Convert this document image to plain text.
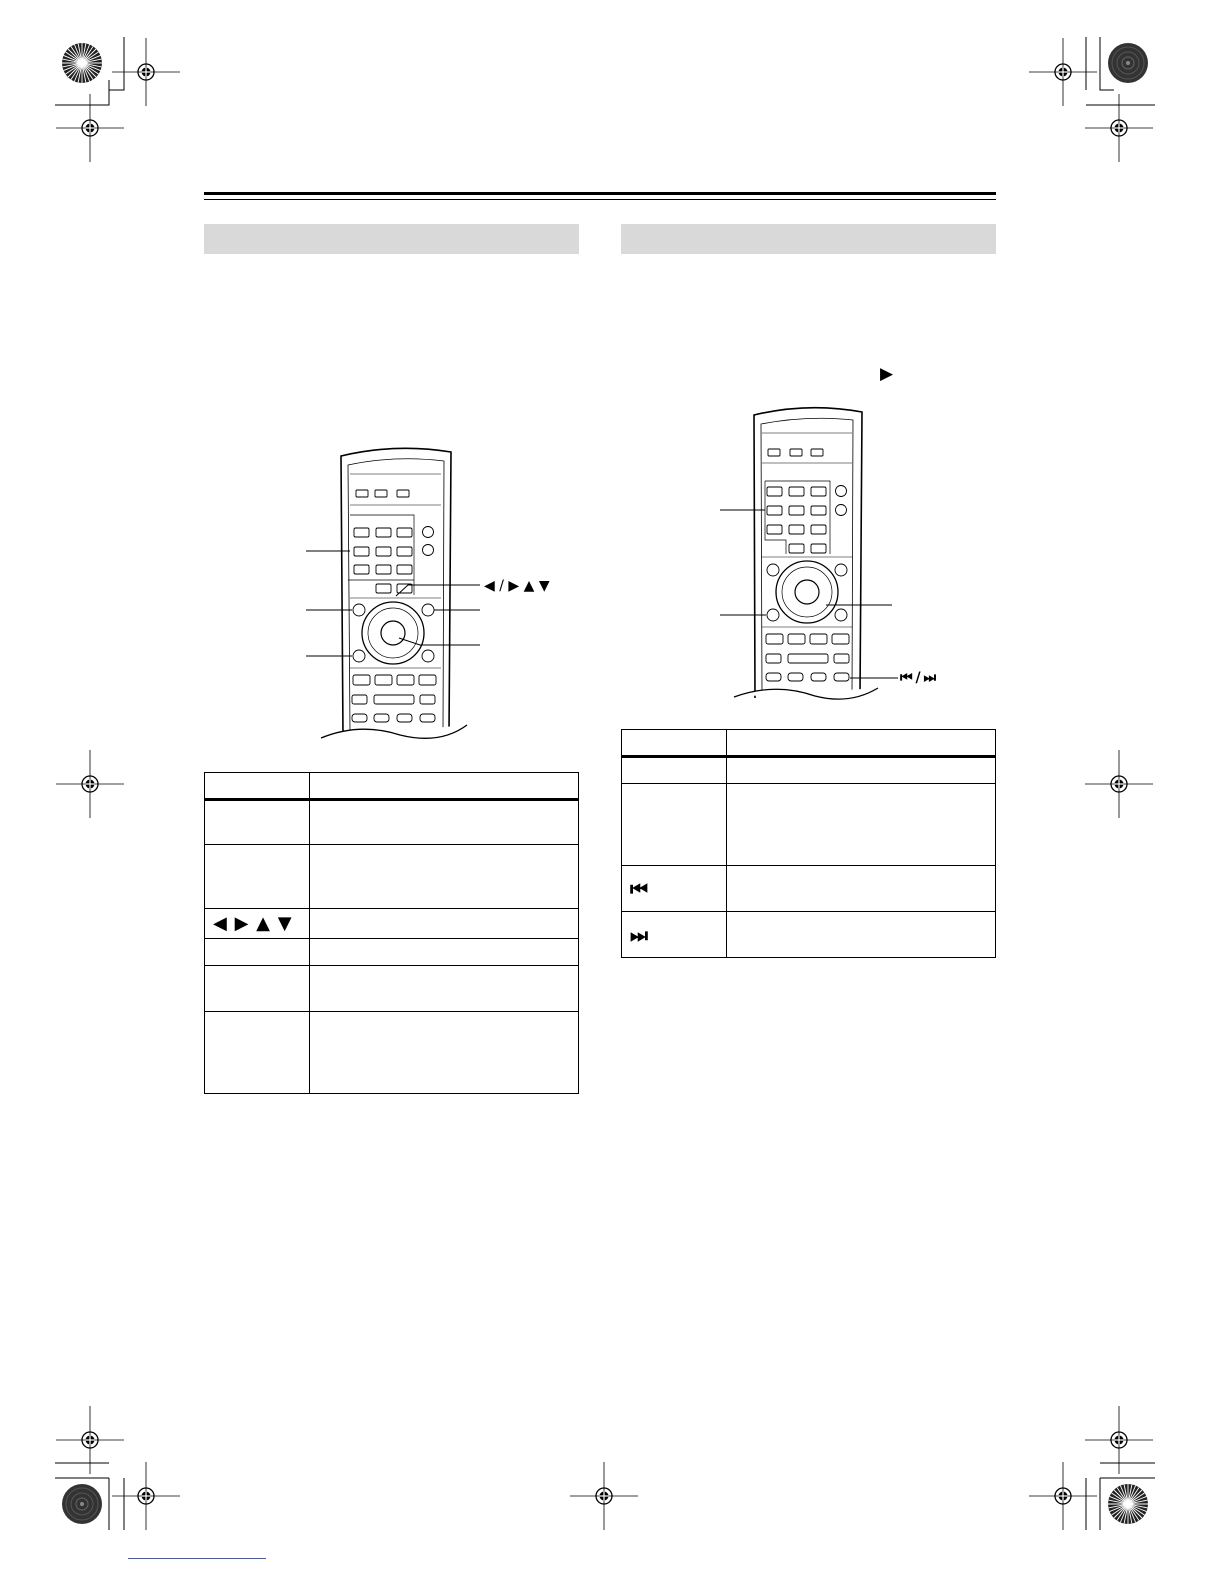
◀ / ▶ ▲ ▼
▶
⏮ / ⏭

◀ ▶ ▲ ▼	

⏮	
⏭	
